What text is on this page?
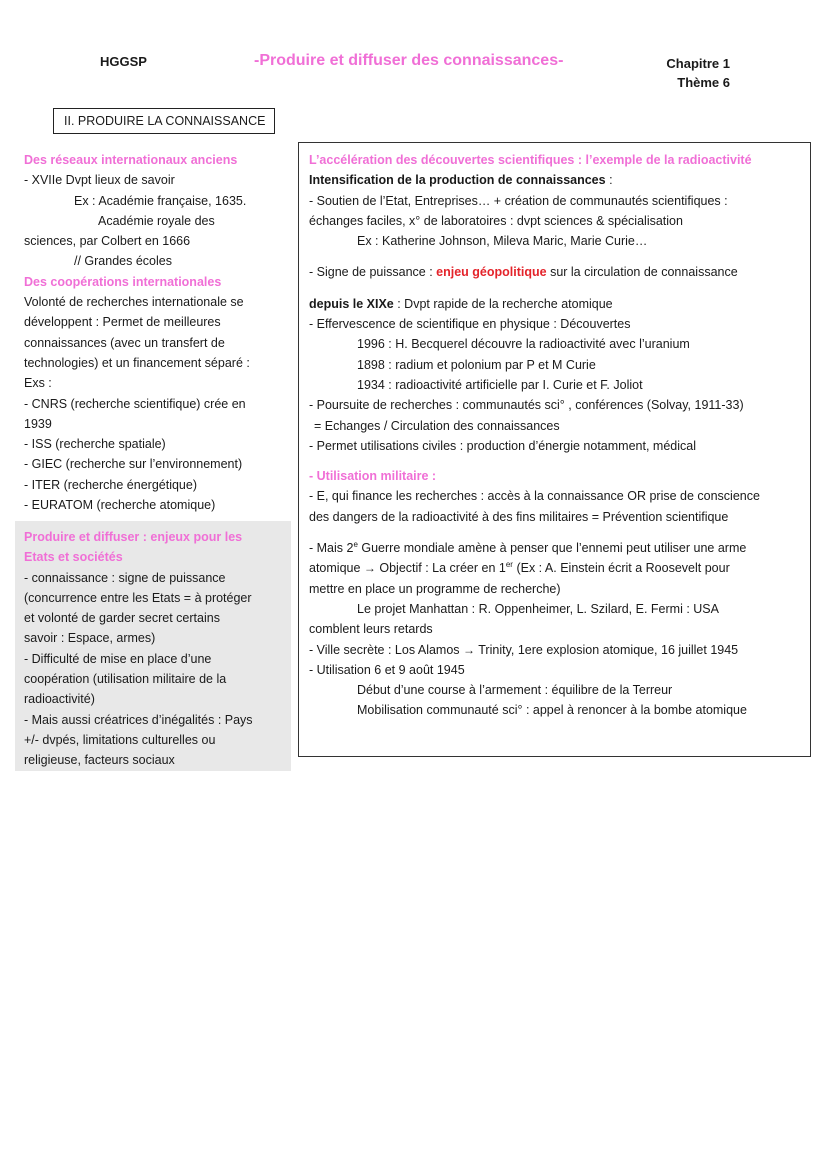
HGGSP	-Produire et diffuser des connaissances-	Chapitre 1
Thème 6
II. PRODUIRE LA CONNAISSANCE

Des réseaux internationaux anciens

- XVIIe Dvpt lieux de savoir

Ex : Académie française, 1635.

Académie royale des

sciences, par Colbert en 1666

// Grandes écoles

Des coopérations internationales

Volonté de recherches internationale se

développent : Permet de meilleures

connaissances (avec un transfert de

technologies) et un financement séparé :

Exs :

- CNRS (recherche scientifique) crée en

1939

- ISS (recherche spatiale)

- GIEC (recherche sur l’environnement)

- ITER (recherche énergétique)

- EURATOM (recherche atomique)

Produire et diffuser : enjeux pour les

Etats et sociétés

- connaissance : signe de puissance

(concurrence entre les Etats = à protéger

et volonté de garder secret certains

savoir : Espace, armes)

- Difficulté de mise en place d’une

coopération (utilisation militaire de la

radioactivité)

- Mais aussi créatrices d’inégalités : Pays

+/- dvpés, limitations culturelles ou

religieuse, facteurs sociaux

L’accélération des découvertes scientifiques : l’exemple de la radioactivité

Intensification de la production de connaissances :

- Soutien de l’Etat, Entreprises… + création de communautés scientifiques :

échanges faciles, x° de laboratoires : dvpt sciences & spécialisation

Ex : Katherine Johnson, Mileva Maric, Marie Curie…

- Signe de puissance : enjeu géopolitique sur la circulation de connaissance

depuis le XIXe : Dvpt rapide de la recherche atomique

- Effervescence de scientifique en physique : Découvertes

1996 : H. Becquerel découvre la radioactivité avec l’uranium

1898 : radium et polonium par P et M Curie

1934 : radioactivité artificielle par I. Curie et F. Joliot

- Poursuite de recherches : communautés sci° , conférences (Solvay, 1911-33)

= Echanges / Circulation des connaissances

- Permet utilisations civiles : production d’énergie notamment, médical

- Utilisation militaire :

- E, qui finance les recherches : accès à la connaissance OR prise de conscience

des dangers de la radioactivité à des fins militaires = Prévention scientifique

- Mais 2e Guerre mondiale amène à penser que l’ennemi peut utiliser une arme

atomique → Objectif : La créer en 1er (Ex : A. Einstein écrit a Roosevelt pour

mettre en place un programme de recherche)

Le projet Manhattan : R. Oppenheimer, L. Szilard, E. Fermi : USA

comblent leurs retards

- Ville secrète : Los Alamos → Trinity, 1ere explosion atomique, 16 juillet 1945

- Utilisation 6 et 9 août 1945

Début d’une course à l’armement : équilibre de la Terreur

Mobilisation communauté sci° : appel à renoncer à la bombe atomique
